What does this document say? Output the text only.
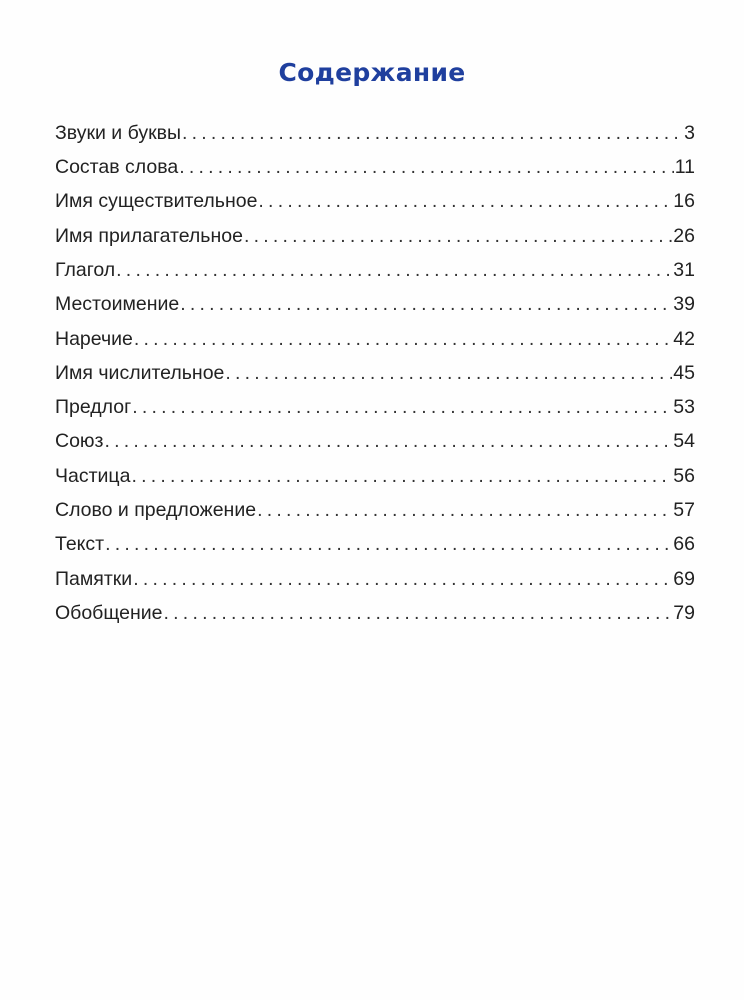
Содержание
Звуки и буквы . . .	3
Состав слова . . .	11
Имя существительное . . .	16
Имя прилагательное . . .	26
Глагол . . .	31
Местоимение . . .	39
Наречие . . .	42
Имя числительное . . .	45
Предлог . . .	53
Союз . . .	54
Частица . . .	56
Слово и предложение . . .	57
Текст . . .	66
Памятки . . .	69
Обобщение . . .	79
